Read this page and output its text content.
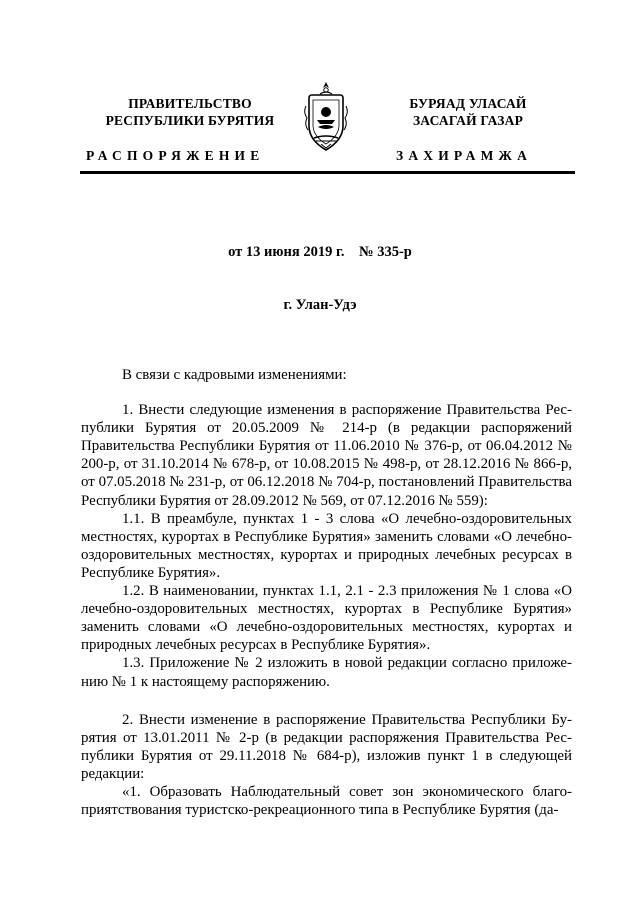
ПРАВИТЕЛЬСТВО
РЕСПУБЛИКИ БУРЯТИЯ
БУРЯАД УЛАСАЙ
ЗАСАГАЙ ГАЗАР
РАСПОРЯЖЕНИЕ	ЗАХИРАМЖА
от 13 июня 2019 г.    № 335-р
г. Улан-Удэ

В связи с кадровыми изменениями:

1. Внести следующие изменения в распоряжение Правительства Республики Бурятия от 20.05.2009 № 214-р (в редакции распоряжений Правительства Республики Бурятия от 11.06.2010 № 376-р, от 06.04.2012 № 200-р, от 31.10.2014 № 678-р, от 10.08.2015 № 498-р, от 28.12.2016 № 866-р, от 07.05.2018 № 231-р, от 06.12.2018 № 704-р, постановлений Правительства Республики Бурятия от 28.09.2012 № 569, от 07.12.2016 № 559):

1.1. В преамбуле, пунктах 1 - 3 слова «О лечебно-оздоровительных местностях, курортах в Республике Бурятия» заменить словами «О лечебно-оздоровительных местностях, курортах и природных лечебных ресурсах в Республике Бурятия».

1.2. В наименовании, пунктах 1.1, 2.1 - 2.3 приложения № 1 слова «О лечебно-оздоровительных местностях, курортах в Республике Бурятия» заменить словами «О лечебно-оздоровительных местностях, курортах и природных лечебных ресурсах в Республике Бурятия».

1.3. Приложение № 2 изложить в новой редакции согласно приложению № 1 к настоящему распоряжению.

2. Внести изменение в распоряжение Правительства Республики Бурятия от 13.01.2011 № 2-р (в редакции распоряжения Правительства Республики Бурятия от 29.11.2018 № 684-р), изложив пункт 1 в следующей редакции:

«1. Образовать Наблюдательный совет зон экономического благоприятствования туристско-рекреационного типа в Республике Бурятия (да-
